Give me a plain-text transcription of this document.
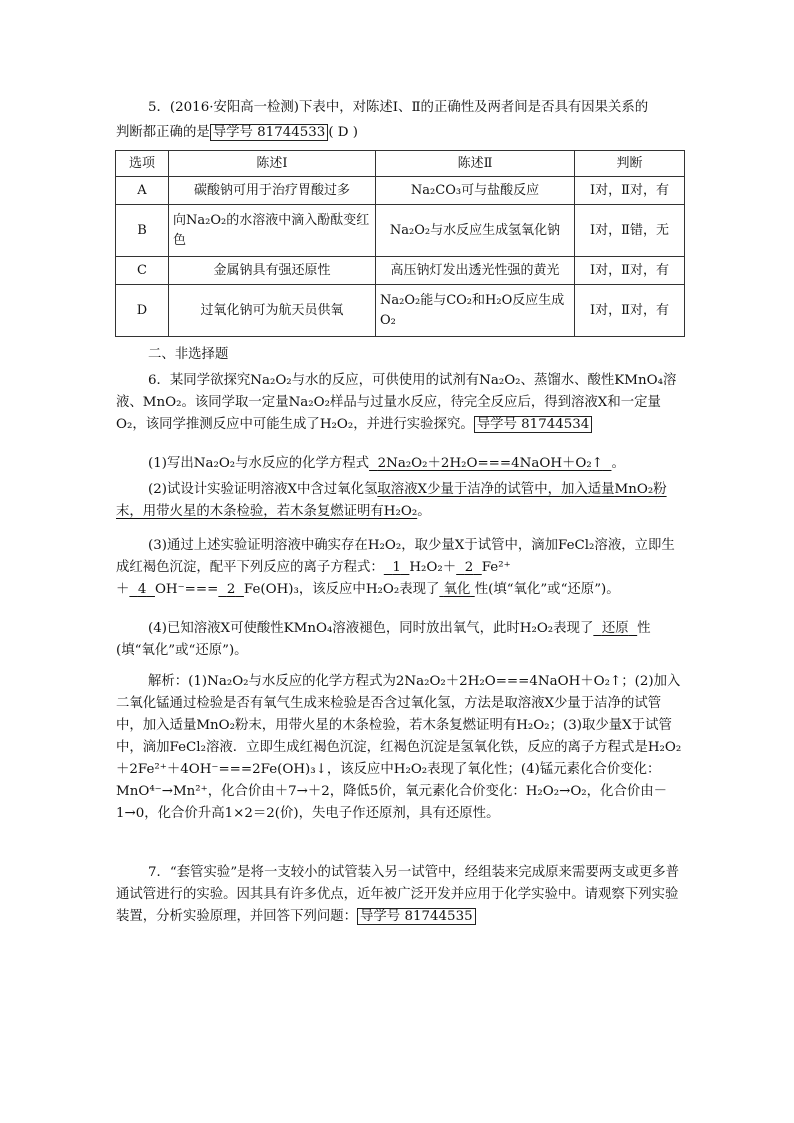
5．(2016·安阳高一检测)下表中，对陈述Ⅰ、Ⅱ的正确性及两者间是否具有因果关系的
判断都正确的是 导学号 81744533 ( D )
选项	陈述Ⅰ	陈述Ⅱ	判断
A	碳酸钠可用于治疗胃酸过多	Na₂CO₃可与盐酸反应	Ⅰ对，Ⅱ对，有
B	向Na₂O₂的水溶液中滴入酚酞变红色	Na₂O₂与水反应生成氢氧化钠	Ⅰ对，Ⅱ错，无
C	金属钠具有强还原性	高压钠灯发出透光性强的黄光	Ⅰ对，Ⅱ对，有
D	过氧化钠可为航天员供氧	Na₂O₂能与CO₂和H₂O反应生成O₂	Ⅰ对，Ⅱ对，有
二、非选择题

6．某同学欲探究Na₂O₂与水的反应，可供使用的试剂有Na₂O₂、蒸馏水、酸性KMnO₄溶液、MnO₂。该同学取一定量Na₂O₂样品与过量水反应，待完全反应后，得到溶液X和一定量O₂，该同学推测反应中可能生成了H₂O₂，并进行实验探究。 导学号 81744534

(1)写出Na₂O₂与水反应的化学方程式 2Na₂O₂＋2H₂O===4NaOH＋O₂↑ 。

(2)试设计实验证明溶液X中含过氧化氢取溶液X少量于洁净的试管中，加入适量MnO₂粉末，用带火星的木条检验，若木条复燃证明有H₂O₂。

(3)通过上述实验证明溶液中确实存在H₂O₂，取少量X于试管中，滴加FeCl₂溶液，立即生成红褐色沉淀，配平下列反应的离子方程式： 1 H₂O₂＋ 2 Fe²⁺＋ 4 OH⁻=== 2 Fe(OH)₃，该反应中H₂O₂表现了 氧化 性(填“氧化”或“还原”)。

(4)已知溶液X可使酸性KMnO₄溶液褪色，同时放出氧气，此时H₂O₂表现了 还原 性(填“氧化”或“还原”)。

解析：(1)Na₂O₂与水反应的化学方程式为2Na₂O₂＋2H₂O===4NaOH＋O₂↑；(2)加入二氧化锰通过检验是否有氧气生成来检验是否含过氧化氢，方法是取溶液X少量于洁净的试管中，加入适量MnO₂粉末，用带火星的木条检验，若木条复燃证明有H₂O₂；(3)取少量X于试管中，滴加FeCl₂溶液．立即生成红褐色沉淀，红褐色沉淀是氢氧化铁，反应的离子方程式是H₂O₂＋2Fe²⁺＋4OH⁻===2Fe(OH)₃↓，该反应中H₂O₂表现了氧化性；(4)锰元素化合价变化：MnO⁴⁻→Mn²⁺，化合价由＋7→＋2，降低5价，氧元素化合价变化：H₂O₂→O₂，化合价由－1→0，化合价升高1×2＝2(价)，失电子作还原剂，具有还原性。

7．“套管实验”是将一支较小的试管装入另一试管中，经组装来完成原来需要两支或更多普通试管进行的实验。因其具有许多优点，近年被广泛开发并应用于化学实验中。请观察下列实验装置，分析实验原理，并回答下列问题： 导学号 81744535
